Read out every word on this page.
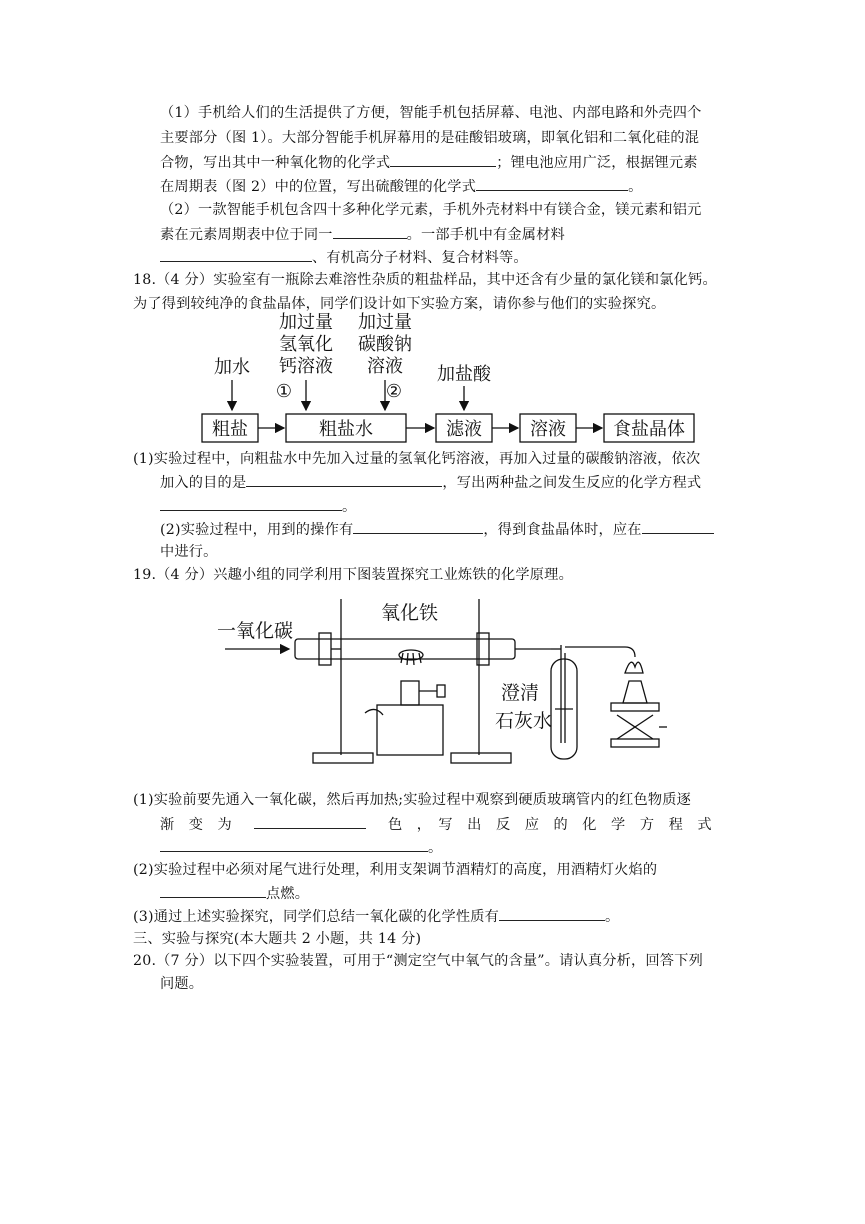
（1）手机给人们的生活提供了方便，智能手机包括屏幕、电池、内部电路和外壳四个
主要部分（图 1）。大部分智能手机屏幕用的是硅酸铝玻璃，即氧化铝和二氧化硅的混
合物，写出其中一种氧化物的化学式	；锂电池应用广泛，根据锂元素
在周期表（图 2）中的位置，写出硫酸锂的化学式	。
（2）一款智能手机包含四十多种化学元素，手机外壳材料中有镁合金，镁元素和铝元
素在元素周期表中位于同一	。一部手机中有金属材料
、有机高分子材料、复合材料等。
18.（4 分）实验室有一瓶除去难溶性杂质的粗盐样品，其中还含有少量的氯化镁和氯化钙。
为了得到较纯净的食盐晶体，同学们设计如下实验方案，请你参与他们的实验探究。
加水
加过量
氢氧化
钙溶液
①
加过量
碳酸钠
溶液
②
加盐酸
粗盐	粗盐水	滤液	溶液	食盐晶体
(1)实验过程中，向粗盐水中先加入过量的氢氧化钙溶液，再加入过量的碳酸钠溶液，依次
加入的目的是	，写出两种盐之间发生反应的化学方程式
。
(2)实验过程中，用到的操作有	，得到食盐晶体时，应在
中进行。
19.（4 分）兴趣小组的同学利用下图装置探究工业炼铁的化学原理。
一氧化碳
氧化铁
澄清
石灰水
(1)实验前要先通入一氧化碳，然后再加热;实验过程中观察到硬质玻璃管内的红色物质逐
渐　变　为	色　，　写　出　反　应　的　化　学　方　程　式
。
(2)实验过程中必须对尾气进行处理，利用支架调节酒精灯的高度，用酒精灯火焰的
点燃。
(3)通过上述实验探究，同学们总结一氧化碳的化学性质有	。
三、实验与探究(本大题共 2 小题，共 14 分)
20.（7 分）以下四个实验装置，可用于“测定空气中氧气的含量”。请认真分析，回答下列
问题。
